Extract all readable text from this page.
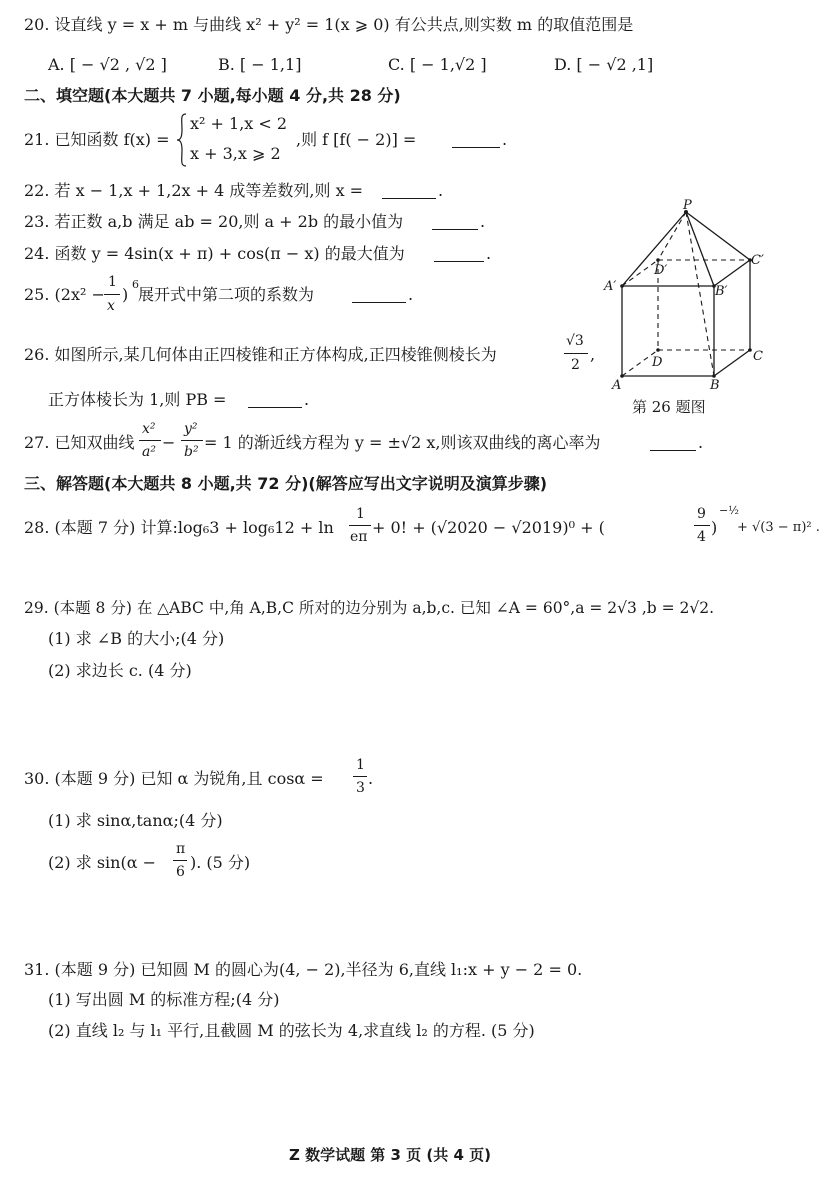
20. 设直线 y = x + m 与曲线 x² + y² = 1(x ⩾ 0) 有公共点,则实数 m 的取值范围是
A. [ − √2 , √2 ]	B. [ − 1,1]	C. [ − 1,√2 ]	D. [ − √2 ,1]
二、填空题(本大题共 7 小题,每小题 4 分,共 28 分)
21. 已知函数 f(x) =
x² + 1,x < 2
x + 3,x ⩾ 2
,则 f [f( − 2)] =	.
22. 若 x − 1,x + 1,2x + 4 成等差数列,则 x =	.
23. 若正数 a,b 满足 ab = 20,则 a + 2b 的最小值为	.
24. 函数 y = 4sin(x + π) + cos(π − x) 的最大值为	.
25. (2x² −
1
x
)
6
展开式中第二项的系数为	.
26. 如图所示,某几何体由正四棱锥和正方体构成,正四棱锥侧棱长为
√3
2
,
正方体棱长为 1,则 PB =	.
P
D′
C′
A′	B′
D	C
A	B
第 26 题图
27. 已知双曲线
x²
a² −
y²
b² = 1 的渐近线方程为 y = ±√2 x,则该双曲线的离心率为	.
三、解答题(本大题共 8 小题,共 72 分)(解答应写出文字说明及演算步骤)
28. (本题 7 分) 计算:log₆3 + log₆12 + ln
1
eπ + 0! + (√2020 − √2019)⁰ + (
9
4 )
−½
+ √(3 − π)² .
29. (本题 8 分) 在 △ABC 中,角 A,B,C 所对的边分别为 a,b,c. 已知 ∠A = 60°,a = 2√3 ,b = 2√2.
(1) 求 ∠B 的大小;(4 分)
(2) 求边长 c. (4 分)
30. (本题 9 分) 已知 α 为锐角,且 cosα =
1
3 .
(1) 求 sinα,tanα;(4 分)
(2) 求 sin(α −
π
6 ). (5 分)
31. (本题 9 分) 已知圆 M 的圆心为(4, − 2),半径为 6,直线 l₁:x + y − 2 = 0.
(1) 写出圆 M 的标准方程;(4 分)
(2) 直线 l₂ 与 l₁ 平行,且截圆 M 的弦长为 4,求直线 l₂ 的方程. (5 分)
Z 数学试题 第 3 页 (共 4 页)
